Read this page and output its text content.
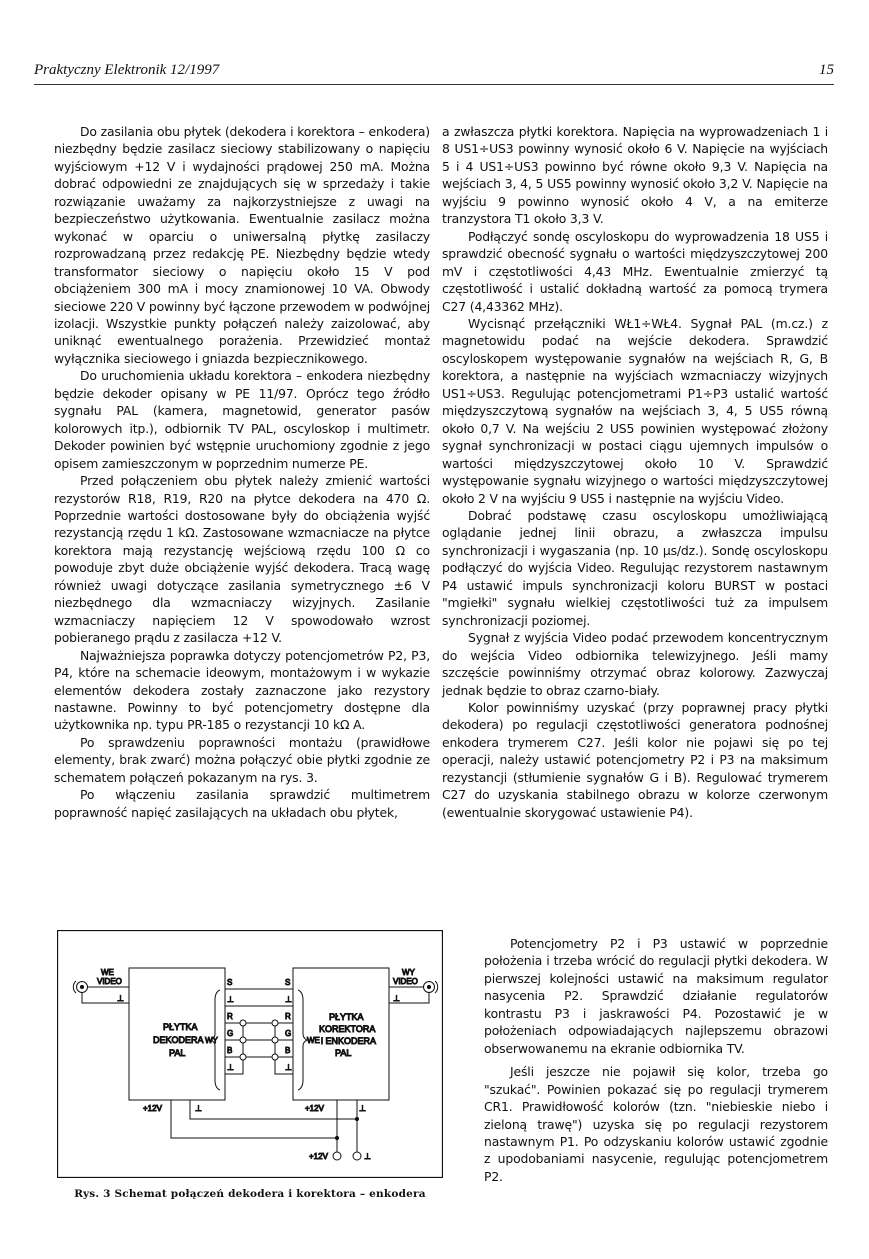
Praktyczny Elektronik 12/1997	15

Do zasilania obu płytek (dekodera i korektora – enkodera) niezbędny będzie zasilacz sieciowy stabilizowany o napięciu wyjściowym +12 V i wydajności prądowej 250 mA. Można dobrać odpowiedni ze znajdujących się w sprzedaży i takie rozwiązanie uważamy za najkorzystniejsze z uwagi na bezpieczeństwo użytkowania. Ewentualnie zasilacz można wykonać w oparciu o uniwersalną płytkę zasilaczy rozprowadzaną przez redakcję PE. Niezbędny będzie wtedy transformator sieciowy o napięciu około 15 V pod obciążeniem 300 mA i mocy znamionowej 10 VA. Obwody sieciowe 220 V powinny być łączone przewodem w podwójnej izolacji. Wszystkie punkty połączeń należy zaizolować, aby uniknąć ewentualnego porażenia. Przewidzieć montaż wyłącznika sieciowego i gniazda bezpiecznikowego.

Do uruchomienia układu korektora – enkodera niezbędny będzie dekoder opisany w PE 11/97. Oprócz tego źródło sygnału PAL (kamera, magnetowid, generator pasów kolorowych itp.), odbiornik TV PAL, oscyloskop i multimetr. Dekoder powinien być wstępnie uruchomiony zgodnie z jego opisem zamieszczonym w poprzednim numerze PE.

Przed połączeniem obu płytek należy zmienić wartości rezystorów R18, R19, R20 na płytce dekodera na 470 Ω. Poprzednie wartości dostosowane były do obciążenia wyjść rezystancją rzędu 1 kΩ. Zastosowane wzmacniacze na płytce korektora mają rezystancję wejściową rzędu 100 Ω co powoduje zbyt duże obciążenie wyjść dekodera. Tracą wagę również uwagi dotyczące zasilania symetrycznego ±6 V niezbędnego dla wzmacniaczy wizyjnych. Zasilanie wzmacniaczy napięciem 12 V spowodowało wzrost pobieranego prądu z zasilacza +12 V.

Najważniejsza poprawka dotyczy potencjometrów P2, P3, P4, które na schemacie ideowym, montażowym i w wykazie elementów dekodera zostały zaznaczone jako rezystory nastawne. Powinny to być potencjometry dostępne dla użytkownika np. typu PR-185 o rezystancji 10 kΩ A.

Po sprawdzeniu poprawności montażu (prawidłowe elementy, brak zwarć) można połączyć obie płytki zgodnie ze schematem połączeń pokazanym na rys. 3.

Po włączeniu zasilania sprawdzić multimetrem poprawność napięć zasilających na układach obu płytek,

a zwłaszcza płytki korektora. Napięcia na wyprowadzeniach 1 i 8 US1÷US3 powinny wynosić około 6 V. Napięcie na wyjściach 5 i 4 US1÷US3 powinno być równe około 9,3 V. Napięcia na wejściach 3, 4, 5 US5 powinny wynosić około 3,2 V. Napięcie na wyjściu 9 powinno wynosić około 4 V, a na emiterze tranzystora T1 około 3,3 V.

Podłączyć sondę oscyloskopu do wyprowadzenia 18 US5 i sprawdzić obecność sygnału o wartości międzyszczytowej 200 mV i częstotliwości 4,43 MHz. Ewentualnie zmierzyć tą częstotliwość i ustalić dokładną wartość za pomocą trymera C27 (4,43362 MHz).

Wycisnąć przełączniki WŁ1÷WŁ4. Sygnał PAL (m.cz.) z magnetowidu podać na wejście dekodera. Sprawdzić oscyloskopem występowanie sygnałów na wejściach R, G, B korektora, a następnie na wyjściach wzmacniaczy wizyjnych US1÷US3. Regulując potencjometrami P1÷P3 ustalić wartość międzyszczytową sygnałów na wejściach 3, 4, 5 US5 równą około 0,7 V. Na wejściu 2 US5 powinien występować złożony sygnał synchronizacji w postaci ciągu ujemnych impulsów o wartości międzyszczytowej około 10 V. Sprawdzić występowanie sygnału wizyjnego o wartości międzyszczytowej około 2 V na wyjściu 9 US5 i następnie na wyjściu Video.

Dobrać podstawę czasu oscyloskopu umożliwiającą oglądanie jednej linii obrazu, a zwłaszcza impulsu synchronizacji i wygaszania (np. 10 µs/dz.). Sondę oscyloskopu podłączyć do wyjścia Video. Regulując rezystorem nastawnym P4 ustawić impuls synchronizacji koloru BURST w postaci "mgiełki" sygnału wielkiej częstotliwości tuż za impulsem synchronizacji poziomej.

Sygnał z wyjścia Video podać przewodem koncentrycznym do wejścia Video odbiornika telewizyjnego. Jeśli mamy szczęście powinniśmy otrzymać obraz kolorowy. Zazwyczaj jednak będzie to obraz czarno-biały.

Kolor powinniśmy uzyskać (przy poprawnej pracy płytki dekodera) po regulacji częstotliwości generatora podnośnej enkodera trymerem C27. Jeśli kolor nie pojawi się po tej operacji, należy ustawić potencjometry P2 i P3 na maksimum rezystancji (stłumienie sygnałów G i B). Regulować trymerem C27 do uzyskania stabilnego obrazu w kolorze czerwonym (ewentualnie skorygować ustawienie P4).

Potencjometry P2 i P3 ustawić w poprzednie położenia i trzeba wrócić do regulacji płytki dekodera. W pierwszej kolejności ustawić na maksimum regulator nasycenia P2. Sprawdzić działanie regulatorów kontrastu P3 i jaskrawości P4. Pozostawić je w położeniach odpowiadających najlepszemu obrazowi obserwowanemu na ekranie odbiornika TV.

Jeśli jeszcze nie pojawił się kolor, trzeba go "szukać". Powinien pokazać się po regulacji trymerem CR1. Prawidłowość kolorów (tzn. "niebieskie niebo i zieloną trawę") uzyska się po regulacji rezystorem nastawnym P1. Po odzyskaniu kolorów ustawić zgodnie z upodobaniami nasycenie, regulując potencjometrem P2.

WE
VIDEO
⊥
PŁYTKA
DEKODERA
PAL
WY
S
⊥
R
G
B
⊥
S
⊥
R
G
B
⊥
WE
PŁYTKA
KOREKTORA
i ENKODERA
PAL
WY
VIDEO
⊥
+12V	⊥	+12V	⊥
+12V	⊥
Rys. 3 Schemat połączeń dekodera i korektora – enkodera
